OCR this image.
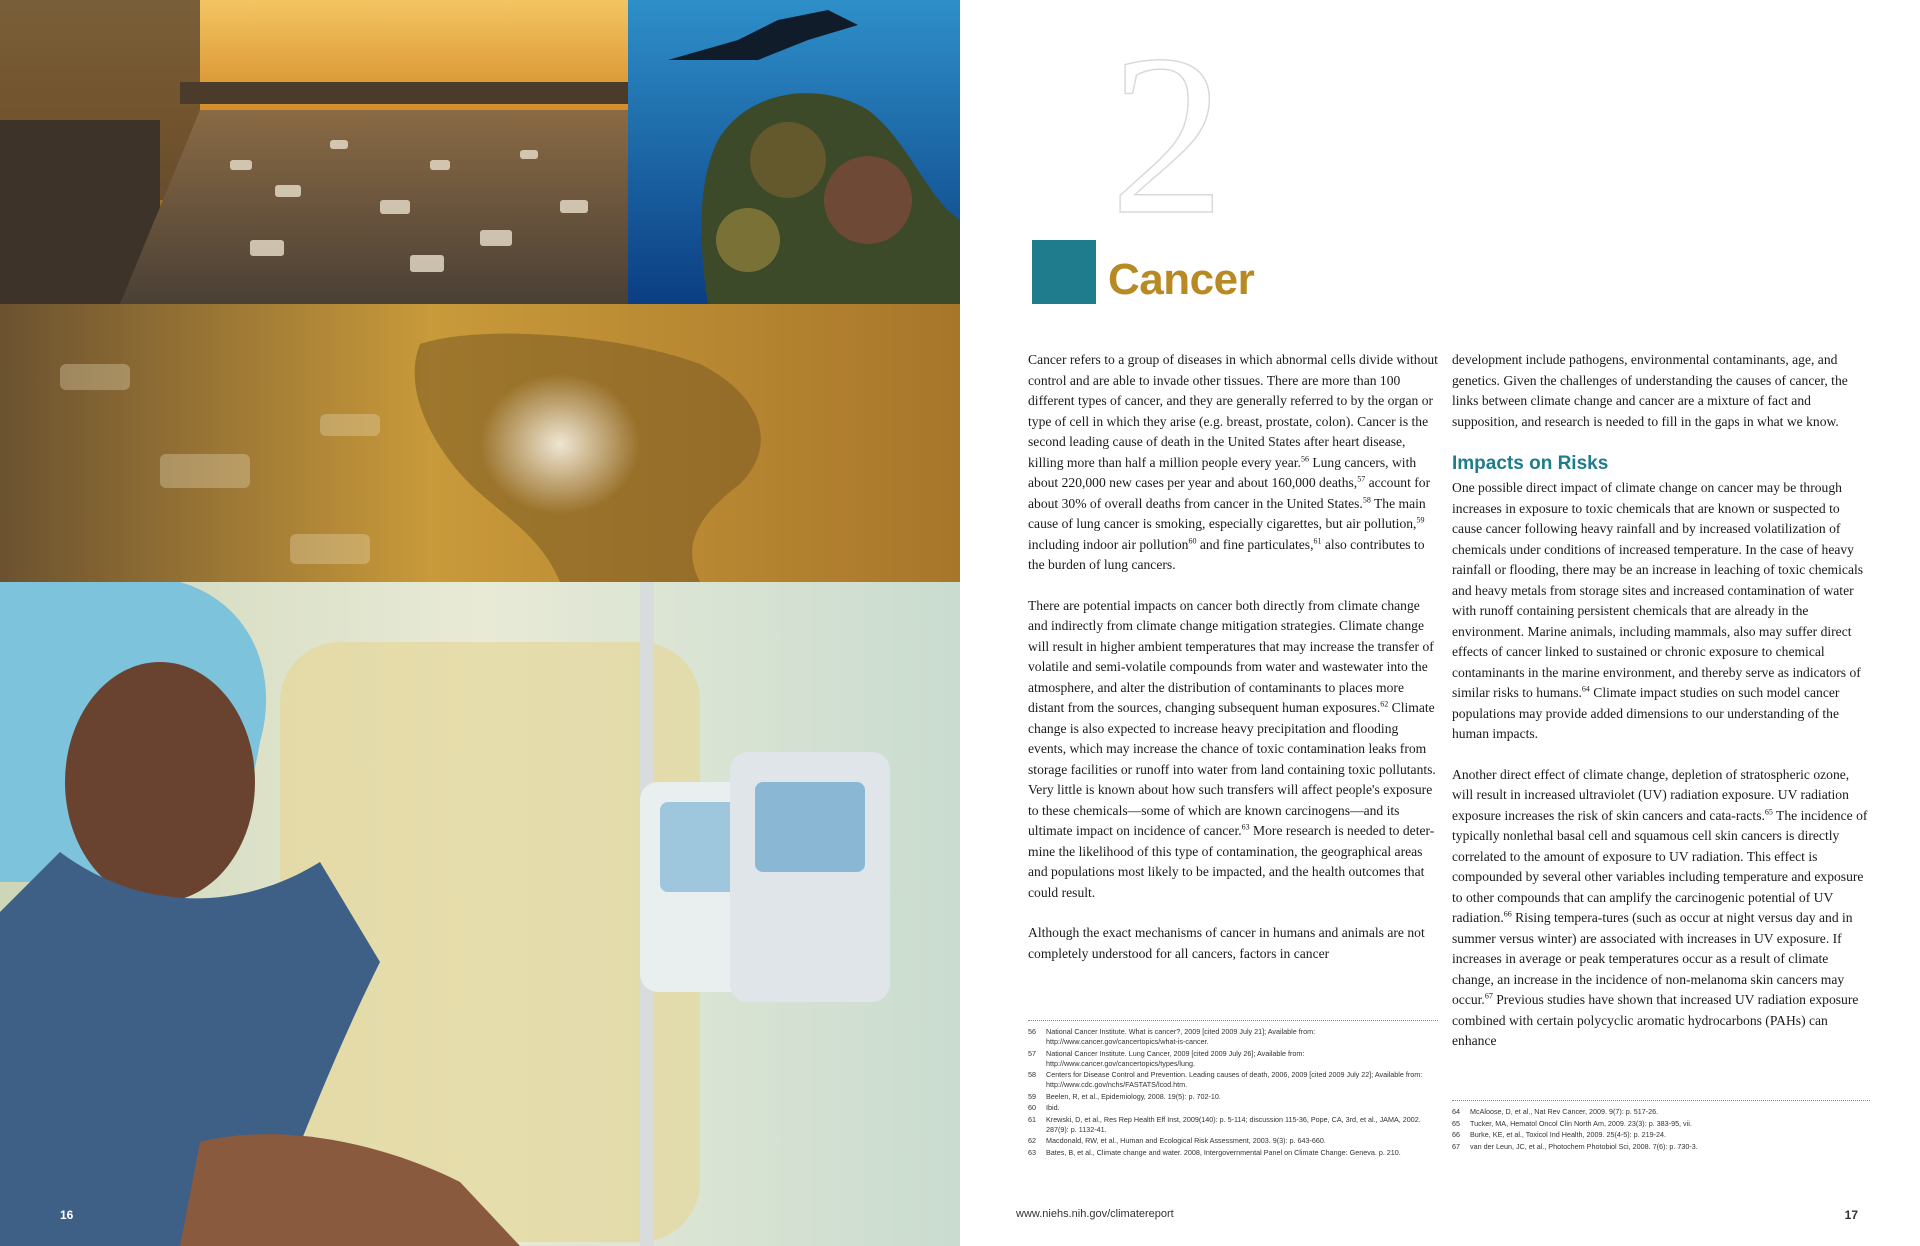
16
2
Cancer

Cancer refers to a group of diseases in which abnormal cells divide without control and are able to invade other tissues. There are more than 100 different types of cancer, and they are generally referred to by the organ or type of cell in which they arise (e.g. breast, prostate, colon). Cancer is the second leading cause of death in the United States after heart disease, killing more than half a million people every year.$^{56}$ Lung cancers, with about 220,000 new cases per year and about 160,000 deaths,$^{57}$ account for about 30% of overall deaths from cancer in the United States.$^{58}$ The main cause of lung cancer is smoking, especially cigarettes, but air pollution,$^{59}$ including indoor air pollution$^{60}$ and fine particulates,$^{61}$ also contributes to the burden of lung cancers.

There are potential impacts on cancer both directly from climate change and indirectly from climate change mitigation strategies. Climate change will result in higher ambient temperatures that may increase the transfer of volatile and semi-volatile compounds from water and wastewater into the atmosphere, and alter the distribution of contaminants to places more distant from the sources, changing subsequent human exposures.$^{62}$ Climate change is also expected to increase heavy precipitation and flooding events, which may increase the chance of toxic contamination leaks from storage facilities or runoff into water from land containing toxic pollutants. Very little is known about how such transfers will affect people's exposure to these chemicals—some of which are known carcinogens—and its ultimate impact on incidence of cancer.$^{63}$ More research is needed to deter-mine the likelihood of this type of contamination, the geographical areas and populations most likely to be impacted, and the health outcomes that could result.

Although the exact mechanisms of cancer in humans and animals are not completely understood for all cancers, factors in cancer

development include pathogens, environmental contaminants, age, and genetics. Given the challenges of understanding the causes of cancer, the links between climate change and cancer are a mixture of fact and supposition, and research is needed to fill in the gaps in what we know.

Impacts on Risks

One possible direct impact of climate change on cancer may be through increases in exposure to toxic chemicals that are known or suspected to cause cancer following heavy rainfall and by increased volatilization of chemicals under conditions of increased temperature. In the case of heavy rainfall or flooding, there may be an increase in leaching of toxic chemicals and heavy metals from storage sites and increased contamination of water with runoff containing persistent chemicals that are already in the environment. Marine animals, including mammals, also may suffer direct effects of cancer linked to sustained or chronic exposure to chemical contaminants in the marine environment, and thereby serve as indicators of similar risks to humans.$^{64}$ Climate impact studies on such model cancer populations may provide added dimensions to our understanding of the human impacts.

Another direct effect of climate change, depletion of stratospheric ozone, will result in increased ultraviolet (UV) radiation exposure. UV radiation exposure increases the risk of skin cancers and cata-racts.$^{65}$ The incidence of typically nonlethal basal cell and squamous cell skin cancers is directly correlated to the amount of exposure to UV radiation. This effect is compounded by several other variables including temperature and exposure to other compounds that can amplify the carcinogenic potential of UV radiation.$^{66}$ Rising tempera-tures (such as occur at night versus day and in summer versus winter) are associated with increases in UV exposure. If increases in average or peak temperatures occur as a result of climate change, an increase in the incidence of non-melanoma skin cancers may occur.$^{67}$ Previous studies have shown that increased UV radiation exposure combined with certain polycyclic aromatic hydrocarbons (PAHs) can enhance

56	National Cancer Institute. What is cancer?, 2009 [cited 2009 July 21]; Available from: http://www.cancer.gov/cancertopics/what-is-cancer.
57	National Cancer Institute. Lung Cancer, 2009 [cited 2009 July 26]; Available from: http://www.cancer.gov/cancertopics/types/lung.
58	Centers for Disease Control and Prevention. Leading causes of death, 2006, 2009 [cited 2009 July 22]; Available from: http://www.cdc.gov/nchs/FASTATS/lcod.htm.
59	Beelen, R, et al., Epidemiology, 2008. 19(5): p. 702-10.
60	Ibid.
61	Krewski, D, et al., Res Rep Health Eff Inst, 2009(140): p. 5-114; discussion 115-36, Pope, CA, 3rd, et al., JAMA, 2002. 287(9): p. 1132-41.
62	Macdonald, RW, et al., Human and Ecological Risk Assessment, 2003. 9(3): p. 643-660.
63	Bates, B, et al., Climate change and water. 2008, Intergovernmental Panel on Climate Change: Geneva. p. 210.
64	McAloose, D, et al., Nat Rev Cancer, 2009. 9(7): p. 517-26.
65	Tucker, MA, Hematol Oncol Clin North Am, 2009. 23(3): p. 383-95, vii.
66	Burke, KE, et al., Toxicol Ind Health, 2009. 25(4-5): p. 219-24.
67	van der Leun, JC, et al., Photochem Photobiol Sci, 2008. 7(6): p. 730-3.
www.niehs.nih.gov/climatereport	17
